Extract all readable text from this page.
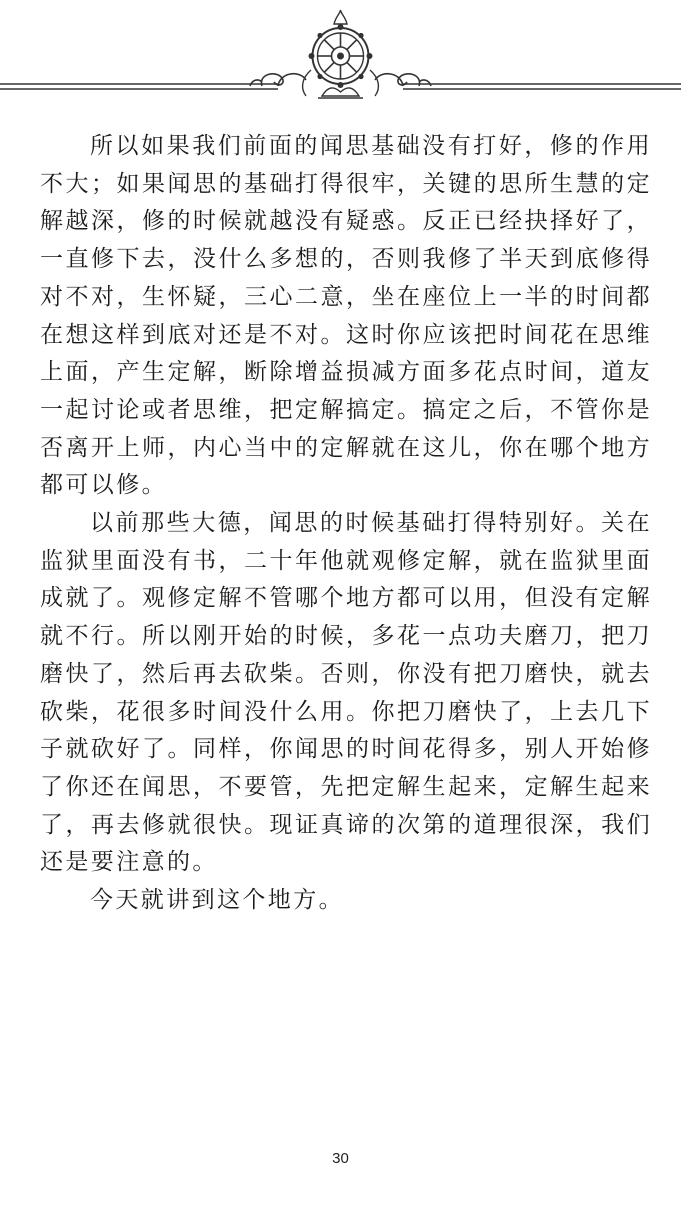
所以如果我们前面的闻思基础没有打好，修的作用不大；如果闻思的基础打得很牢，关键的思所生慧的定解越深，修的时候就越没有疑惑。反正已经抉择好了，一直修下去，没什么多想的，否则我修了半天到底修得对不对，生怀疑，三心二意，坐在座位上一半的时间都在想这样到底对还是不对。这时你应该把时间花在思维上面，产生定解，断除增益损减方面多花点时间，道友一起讨论或者思维，把定解搞定。搞定之后，不管你是否离开上师，内心当中的定解就在这儿，你在哪个地方都可以修。

以前那些大德，闻思的时候基础打得特别好。关在监狱里面没有书，二十年他就观修定解，就在监狱里面成就了。观修定解不管哪个地方都可以用，但没有定解就不行。所以刚开始的时候，多花一点功夫磨刀，把刀磨快了，然后再去砍柴。否则，你没有把刀磨快，就去砍柴，花很多时间没什么用。你把刀磨快了，上去几下子就砍好了。同样，你闻思的时间花得多，别人开始修了你还在闻思，不要管，先把定解生起来，定解生起来了，再去修就很快。现证真谛的次第的道理很深，我们还是要注意的。

今天就讲到这个地方。

30
